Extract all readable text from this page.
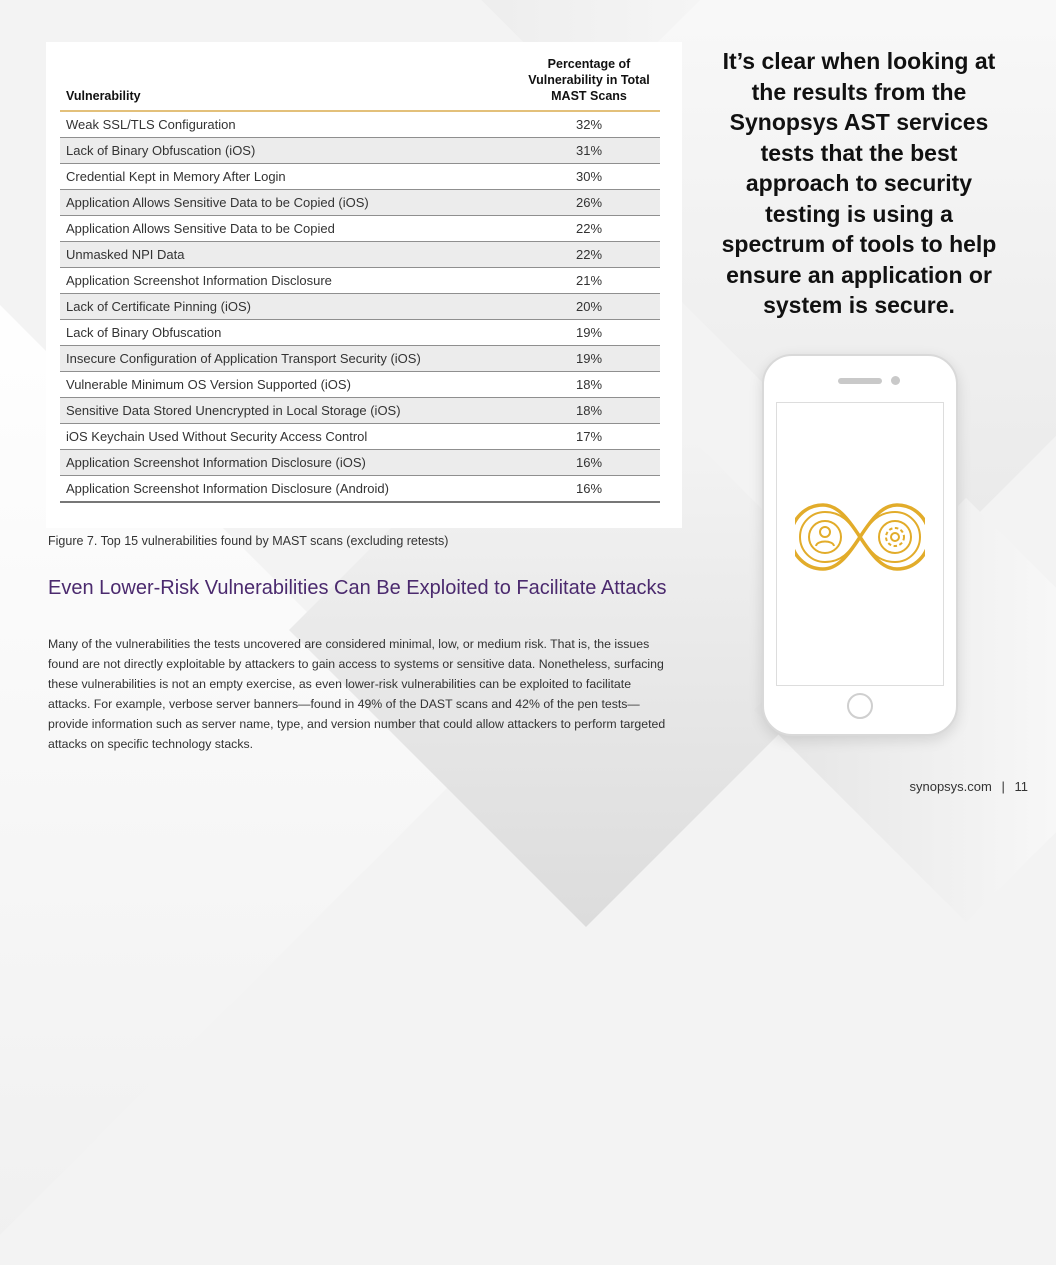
Vulnerability	Percentage of Vulnerability in Total MAST Scans
Weak SSL/TLS Configuration	32%
Lack of Binary Obfuscation (iOS)	31%
Credential Kept in Memory After Login	30%
Application Allows Sensitive Data to be Copied (iOS)	26%
Application Allows Sensitive Data to be Copied	22%
Unmasked NPI Data	22%
Application Screenshot Information Disclosure	21%
Lack of Certificate Pinning (iOS)	20%
Lack of Binary Obfuscation	19%
Insecure Configuration of Application Transport Security (iOS)	19%
Vulnerable Minimum OS Version Supported (iOS)	18%
Sensitive Data Stored Unencrypted in Local Storage (iOS)	18%
iOS Keychain Used Without Security Access Control	17%
Application Screenshot Information Disclosure (iOS)	16%
Application Screenshot Information Disclosure (Android)	16%
Figure 7. Top 15 vulnerabilities found by MAST scans (excluding retests)
Even Lower-Risk Vulnerabilities Can Be Exploited to Facilitate Attacks

Many of the vulnerabilities the tests uncovered are considered minimal, low, or medium risk. That is, the issues found are not directly exploitable by attackers to gain access to systems or sensitive data. Nonetheless, surfacing these vulnerabilities is not an empty exercise, as even lower-risk vulnerabilities can be exploited to facilitate attacks. For example, verbose server banners—found in 49% of the DAST scans and 42% of the pen tests—provide information such as server name, type, and version number that could allow attackers to perform targeted attacks on specific technology stacks.

It’s clear when looking at the results from the Synopsys AST services tests that the best approach to security testing is using a spectrum of tools to help ensure an application or system is secure.

synopsys.com | 11
